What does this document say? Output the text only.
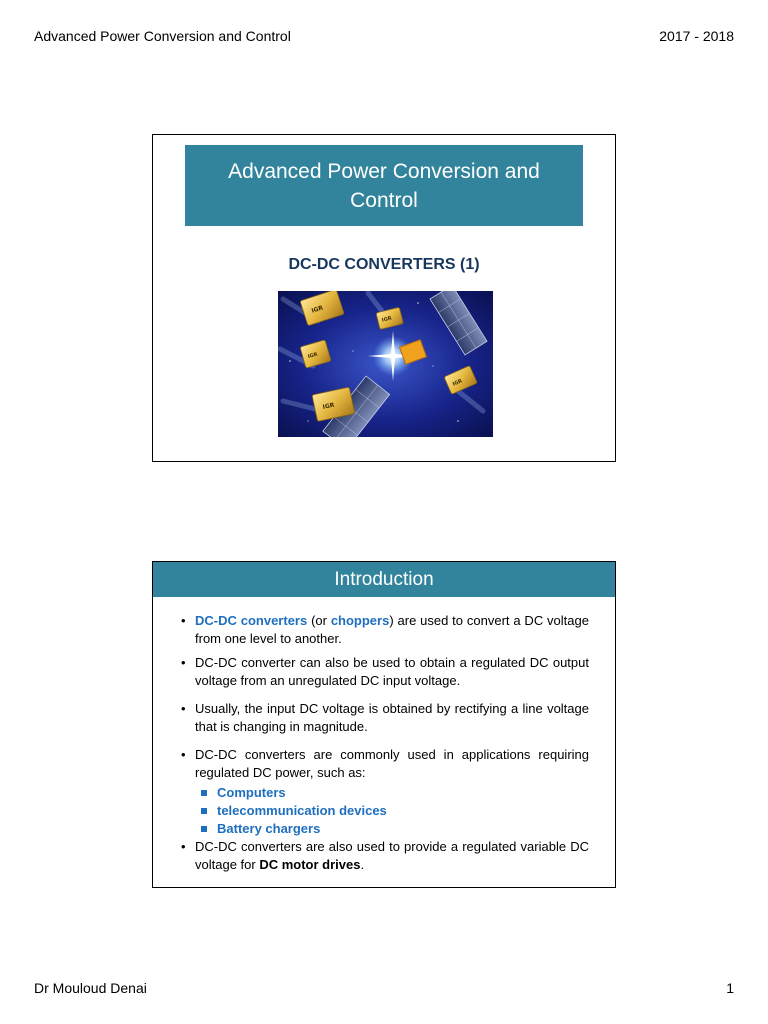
Advanced Power Conversion and Control	2017 - 2018
Advanced Power Conversion and Control
DC-DC CONVERTERS (1)
IGR
IGR
IGR
IGR
IGR
Introduction
• DC-DC converters (or choppers) are used to convert a DC voltage from one level to another.
• DC-DC converter can also be used to obtain a regulated DC output voltage from an unregulated DC input voltage.
• Usually, the input DC voltage is obtained by rectifying a line voltage that is changing in magnitude.
• DC-DC converters are commonly used in applications requiring regulated DC power, such as:
Computers
telecommunication devices
Battery chargers
• DC-DC converters are also used to provide a regulated variable DC voltage for DC motor drives.
Dr Mouloud Denai	1
